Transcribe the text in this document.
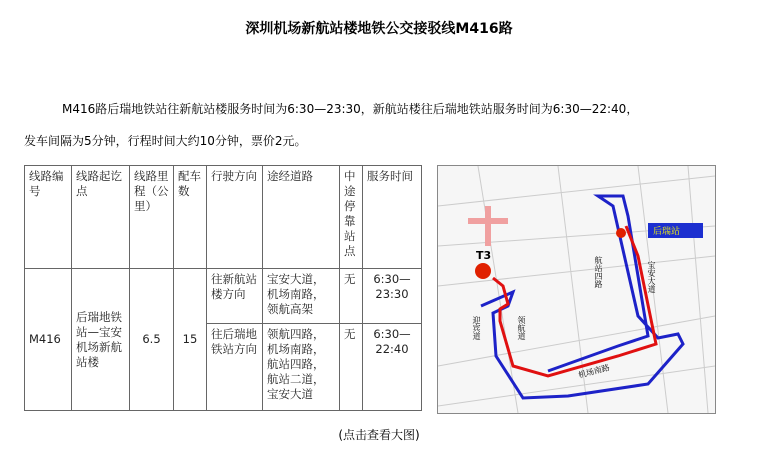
深圳机场新航站楼地铁公交接驳线M416路
M416路后瑞地铁站往新航站楼服务时间为6:30—23:30，新航站楼往后瑞地铁站服务时间为6:30—22:40，
发车间隔为5分钟，行程时间大约10分钟，票价2元。
线路编号	线路起讫点	线路里程（公里）	配车数	行驶方向	途经道路	中途停靠站点	服务时间
M416	后瑞地铁站—宝安机场新航站楼	6.5	15	往新航站楼方向	宝安大道，机场南路，领航高架	无	6:30—23:30
				往后瑞地铁站方向	领航四路，机场南路，航站四路，航站二道，宝安大道	无	6:30—22:40
T3
后瑞站
机场南路
宝安大道
航站四路
领航道
迎宾道
(点击查看大图)
